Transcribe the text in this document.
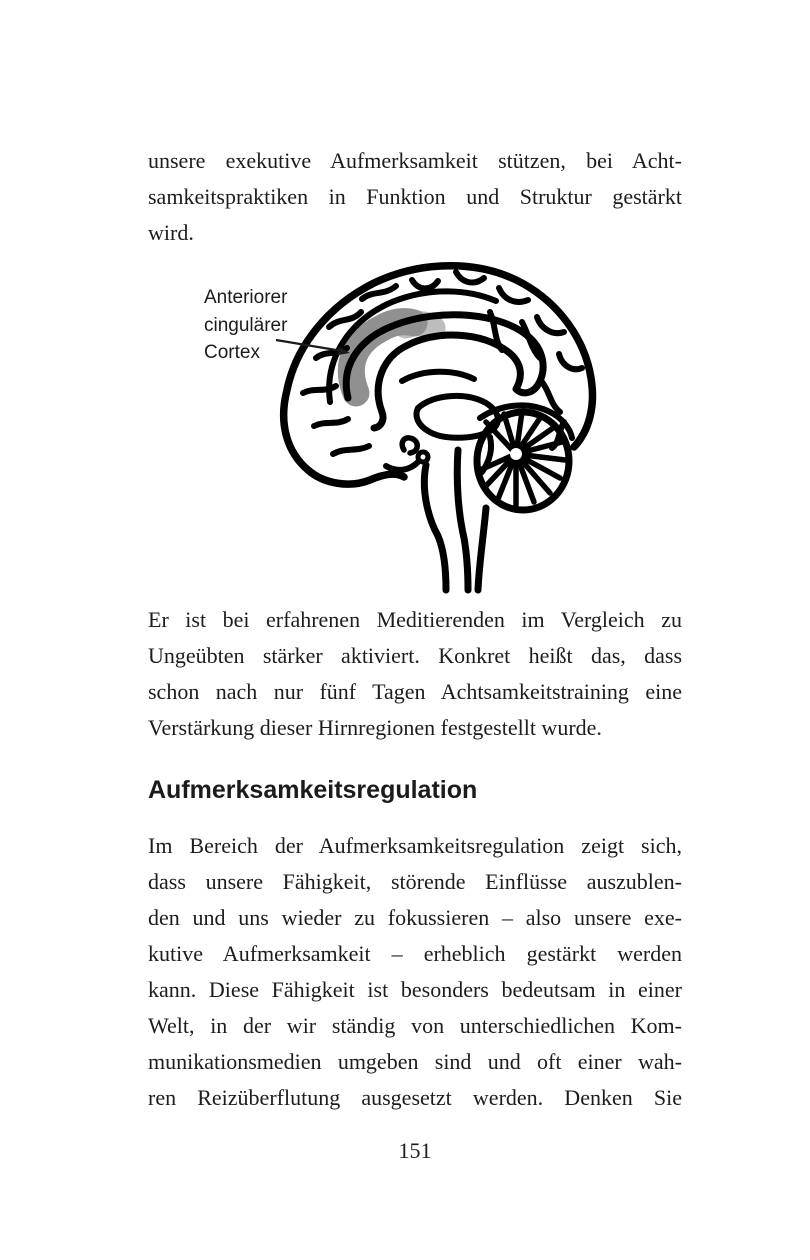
unsere exekutive Aufmerksamkeit stützen, bei Acht-
samkeitspraktiken in Funktion und Struktur gestärkt
wird.
Anteriorer
cingulärer
Cortex
Er ist bei erfahrenen Meditierenden im Vergleich zu
Ungeübten stärker aktiviert. Konkret heißt das, dass
schon nach nur fünf Tagen Achtsamkeitstraining eine
Verstärkung dieser Hirnregionen festgestellt wurde.
Aufmerksamkeitsregulation
Im Bereich der Aufmerksamkeitsregulation zeigt sich,
dass unsere Fähigkeit, störende Einflüsse auszublen-
den und uns wieder zu fokussieren – also unsere exe-
kutive Aufmerksamkeit – erheblich gestärkt werden
kann. Diese Fähigkeit ist besonders bedeutsam in einer
Welt, in der wir ständig von unterschiedlichen Kom-
munikationsmedien umgeben sind und oft einer wah-
ren Reizüberflutung ausgesetzt werden. Denken Sie
151
